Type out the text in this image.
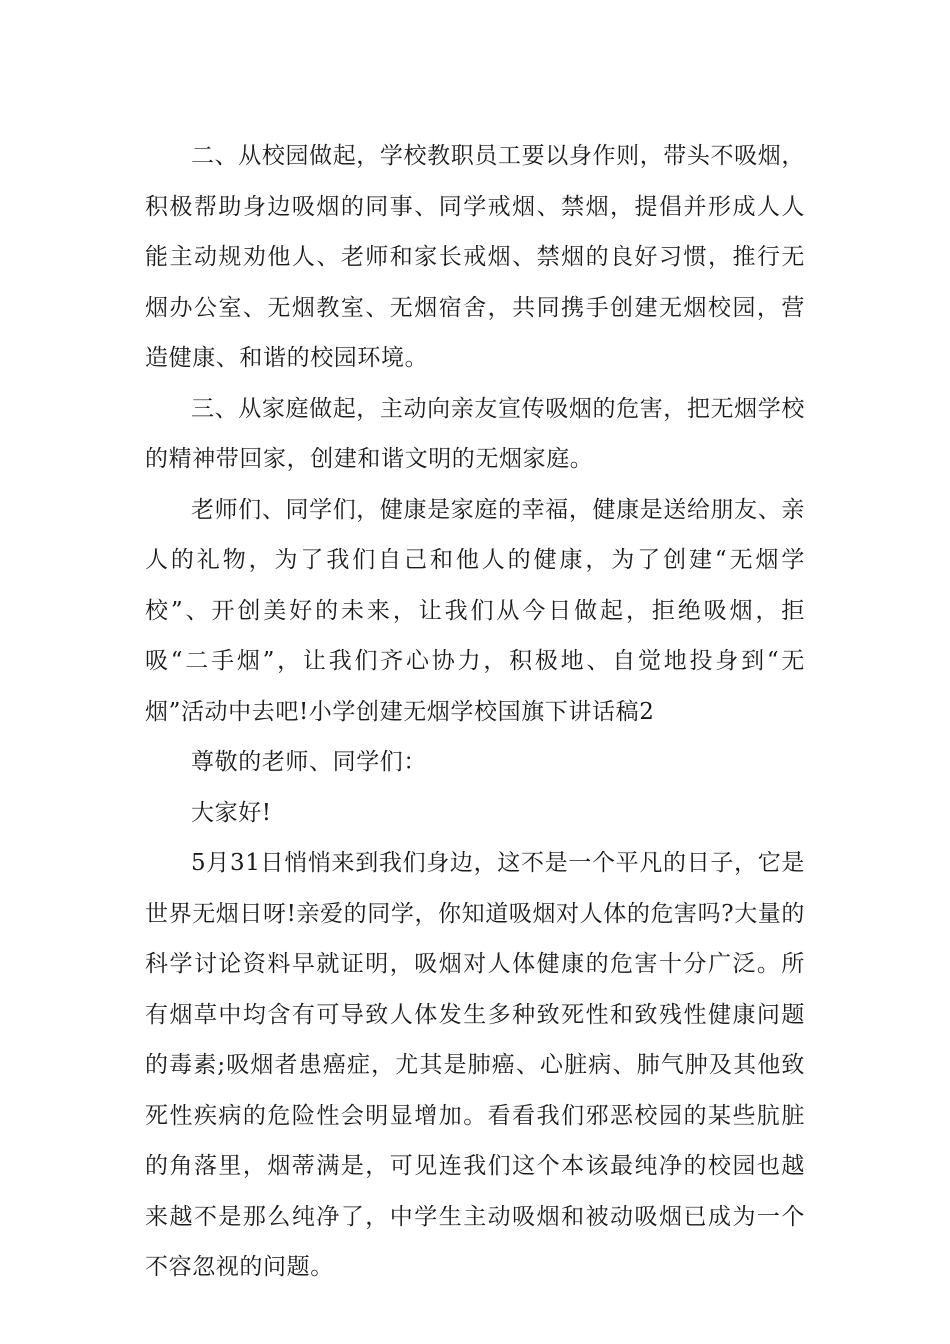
二、从校园做起，学校教职员工要以身作则，带头不吸烟，积极帮助身边吸烟的同事、同学戒烟、禁烟，提倡并形成人人能主动规劝他人、老师和家长戒烟、禁烟的良好习惯，推行无烟办公室、无烟教室、无烟宿舍，共同携手创建无烟校园，营造健康、和谐的校园环境。

三、从家庭做起，主动向亲友宣传吸烟的危害，把无烟学校的精神带回家，创建和谐文明的无烟家庭。

老师们、同学们，健康是家庭的幸福，健康是送给朋友、亲人的礼物，为了我们自己和他人的健康，为了创建“无烟学校”、开创美好的未来，让我们从今日做起，拒绝吸烟，拒吸“二手烟”，让我们齐心协力，积极地、自觉地投身到“无烟”活动中去吧!小学创建无烟学校国旗下讲话稿2

尊敬的老师、同学们：

大家好!

5月31日悄悄来到我们身边，这不是一个平凡的日子，它是世界无烟日呀!亲爱的同学，你知道吸烟对人体的危害吗?大量的科学讨论资料早就证明，吸烟对人体健康的危害十分广泛。所有烟草中均含有可导致人体发生多种致死性和致残性健康问题的毒素;吸烟者患癌症，尤其是肺癌、心脏病、肺气肿及其他致死性疾病的危险性会明显增加。看看我们邪恶校园的某些肮脏的角落里，烟蒂满是，可见连我们这个本该最纯净的校园也越来越不是那么纯净了，中学生主动吸烟和被动吸烟已成为一个不容忽视的问题。
